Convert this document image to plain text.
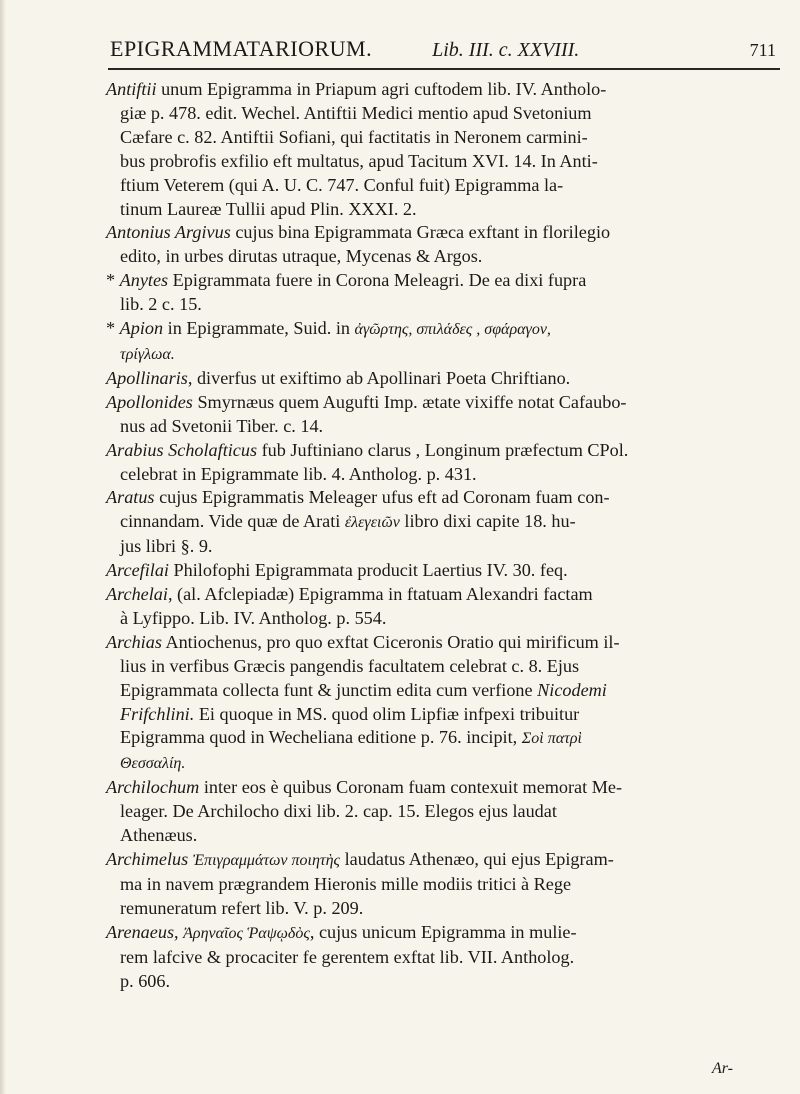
EPIGRAMMATARIORUM.	Lib. III. c. XXVIII.	711

Antiftii unum Epigramma in Priapum agri cuftodem lib. IV. Antholo-
giæ p. 478. edit. Wechel. Antiftii Medici mentio apud Svetonium
Cæfare c. 82. Antiftii Sofiani, qui factitatis in Neronem carmini-
bus probrofis exfilio eft multatus, apud Tacitum XVI. 14. In Anti-
ftium Veterem (qui A. U. C. 747. Conful fuit) Epigramma la-
tinum Laureæ Tullii apud Plin. XXXI. 2.

Antonius Argivus cujus bina Epigrammata Græca exftant in florilegio
edito, in urbes dirutas utraque, Mycenas & Argos.

* Anytes Epigrammata fuere in Corona Meleagri. De ea dixi fupra
lib. 2 c. 15.

* Apion in Epigrammate, Suid. in ἀγῶρτης, σπιλάδες , σφάραγον,
τρίγλωα.

Apollinaris, diverfus ut exiftimo ab Apollinari Poeta Chriftiano.

Apollonides Smyrnæus quem Augufti Imp. ætate vixiffe notat Cafaubo-
nus ad Svetonii Tiber. c. 14.

Arabius Scholafticus fub Juftiniano clarus , Longinum præfectum CPol.
celebrat in Epigrammate lib. 4. Antholog. p. 431.

Aratus cujus Epigrammatis Meleager ufus eft ad Coronam fuam con-
cinnandam. Vide quæ de Arati ἐλεγειῶν libro dixi capite 18. hu-
jus libri §. 9.

Arcefilai Philofophi Epigrammata producit Laertius IV. 30. feq.

Archelai, (al. Afclepiadæ) Epigramma in ftatuam Alexandri factam
à Lyfippo. Lib. IV. Antholog. p. 554.

Archias Antiochenus, pro quo exftat Ciceronis Oratio qui mirificum il-
lius in verfibus Græcis pangendis facultatem celebrat c. 8. Ejus
Epigrammata collecta funt & junctim edita cum verfione Nicodemi
Frifchlini. Ei quoque in MS. quod olim Lipfiæ infpexi tribuitur
Epigramma quod in Wecheliana editione p. 76. incipit, Σοὶ πατρὶ
Θεσσαλίη.

Archilochum inter eos è quibus Coronam fuam contexuit memorat Me-
leager. De Archilocho dixi lib. 2. cap. 15. Elegos ejus laudat
Athenæus.

Archimelus Ἐπιγραμμάτων ποιητὴς laudatus Athenæo, qui ejus Epigram-
ma in navem prægrandem Hieronis mille modiis tritici à Rege
remuneratum refert lib. V. p. 209.

Arenaeus, Ἀρηναῖος Ῥαψῳδὸς, cujus unicum Epigramma in mulie-
rem lafcive & procaciter fe gerentem exftat lib. VII. Antholog.
p. 606.

Ar-
